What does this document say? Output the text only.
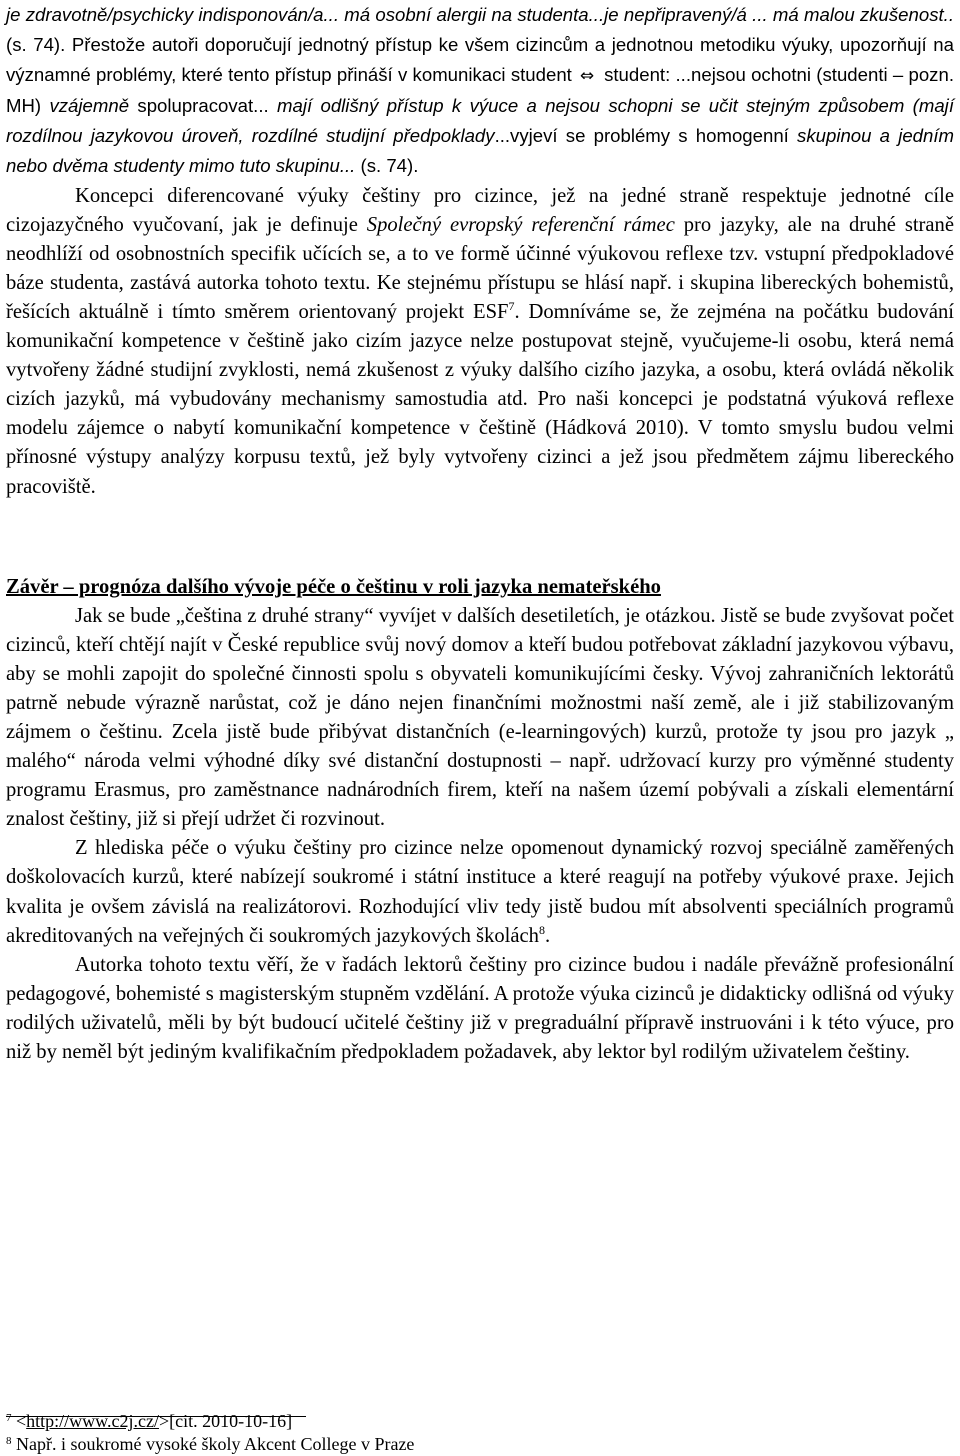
je zdravotně/psychicky indisponován/a... má osobní alergii na studenta...je nepřipravený/á ... má malou zkušenost.. (s. 74). Přestože autoři doporučují jednotný přístup ke všem cizincům a jednotnou metodiku výuky, upozorňují na významné problémy, které tento přístup přináší v komunikaci student ⇔ student: ...nejsou ochotni (studenti – pozn. MH) vzájemně spolupracovat... mají odlišný přístup k výuce a nejsou schopni se učit stejným způsobem (mají rozdílnou jazykovou úroveň, rozdílné studijní předpoklady...vyjeví se problémy s homogenní skupinou a jedním nebo dvěma studenty mimo tuto skupinu... (s. 74).

Koncepci diferencované výuky češtiny pro cizince, jež na jedné straně respektuje jednotné cíle cizojazyčného vyučovaní, jak je definuje Společný evropský referenční rámec pro jazyky, ale na druhé straně neodhlíží od osobnostních specifik učících se, a to ve formě účinné výukovou reflexe tzv. vstupní předpokladové báze studenta, zastává autorka tohoto textu. Ke stejnému přístupu se hlásí např. i skupina libereckých bohemistů, řešících aktuálně i tímto směrem orientovaný projekt ESF$^7$. Domníváme se, že zejména na počátku budování komunikační kompetence v češtině jako cizím jazyce nelze postupovat stejně, vyučujeme-li osobu, která nemá vytvořeny žádné studijní zvyklosti, nemá zkušenost z výuky dalšího cizího jazyka, a osobu, která ovládá několik cizích jazyků, má vybudovány mechanismy samostudia atd. Pro naši koncepci je podstatná výuková reflexe modelu zájemce o nabytí komunikační kompetence v češtině (Hádková 2010). V tomto smyslu budou velmi přínosné výstupy analýzy korpusu textů, jež byly vytvořeny cizinci a jež jsou předmětem zájmu libereckého pracoviště.

Závěr – prognóza dalšího vývoje péče o češtinu v roli jazyka nemateřského

Jak se bude „čeština z druhé strany“ vyvíjet v dalších desetiletích, je otázkou. Jistě se bude zvyšovat počet cizinců, kteří chtějí najít v České republice svůj nový domov a kteří budou potřebovat základní jazykovou výbavu, aby se mohli zapojit do společné činnosti spolu s obyvateli komunikujícími česky. Vývoj zahraničních lektorátů patrně nebude výrazně narůstat, což je dáno nejen finančními možnostmi naší země, ale i již stabilizovaným zájmem o češtinu. Zcela jistě bude přibývat distančních (e-learningových) kurzů, protože ty jsou pro jazyk „ malého“ národa velmi výhodné díky své distanční dostupnosti – např. udržovací kurzy pro výměnné studenty programu Erasmus, pro zaměstnance nadnárodních firem, kteří na našem území pobývali a získali elementární znalost češtiny, již si přejí udržet či rozvinout.

Z hlediska péče o výuku češtiny pro cizince nelze opomenout dynamický rozvoj speciálně zaměřených doškolovacích kurzů, které nabízejí soukromé i státní instituce a které reagují na potřeby výukové praxe. Jejich kvalita je ovšem závislá na realizátorovi. Rozhodující vliv tedy jistě budou mít absolventi speciálních programů akreditovaných na veřejných či soukromých jazykových školách$^8$.

Autorka tohoto textu věří, že v řadách lektorů češtiny pro cizince budou i nadále převážně profesionální pedagogové, bohemisté s magisterským stupněm vzdělání. A protože výuka cizinců je didakticky odlišná od výuky rodilých uživatelů, měli by být budoucí učitelé češtiny již v pregraduální přípravě instruováni i k této výuce, pro niž by neměl být jediným kvalifikačním předpokladem požadavek, aby lektor byl rodilým uživatelem češtiny.

$^7$ <http://www.c2j.cz/>[cit. 2010-10-16]

$^8$ Např. i soukromé vysoké školy Akcent College v Praze
